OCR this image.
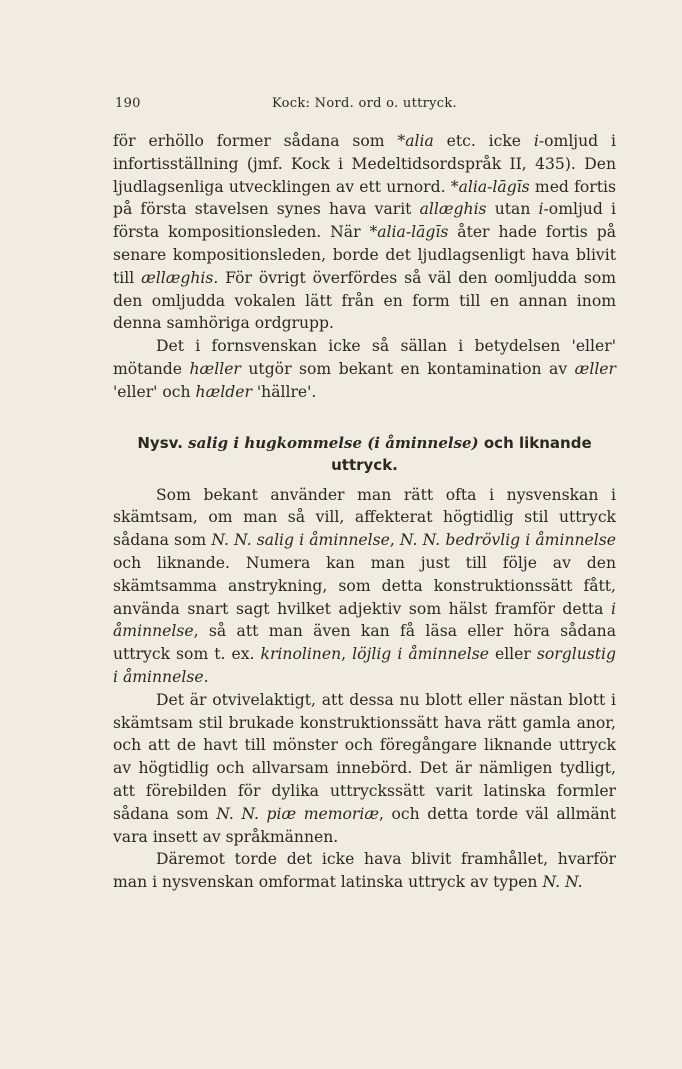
190	Kock: Nord. ord o. uttryck.

för erhöllo former sådana som *alia etc. icke i-omljud i infortisställning (jmf. Kock i Medeltidsordspråk II, 435). Den ljudlagsenliga utvecklingen av ett urnord. *alia-lāgīs med fortis på första stavelsen synes hava varit allæghis utan i-omljud i första kompositionsleden. När *alia-lāgīs åter hade fortis på senare kompositionsleden, borde det ljudlagsenligt hava blivit till ællæghis. För övrigt överfördes så väl den oomljudda som den omljudda vokalen lätt från en form till en annan inom denna samhöriga ordgrupp.

Det i fornsvenskan icke så sällan i betydelsen 'eller' mötande hæller utgör som bekant en kontamination av æller 'eller' och hælder 'hällre'.

Nysv. salig i hugkommelse (i åminnelse) och liknande uttryck.

Som bekant använder man rätt ofta i nysvenskan i skämtsam, om man så vill, affekterat högtidlig stil uttryck sådana som N. N. salig i åminnelse, N. N. bedrövlig i åminnelse och liknande. Numera kan man just till följe av den skämtsamma anstrykning, som detta konstruktionssätt fått, använda snart sagt hvilket adjektiv som hälst framför detta i åminnelse, så att man även kan få läsa eller höra sådana uttryck som t. ex. krinolinen, löjlig i åminnelse eller sorglustig i åminnelse.

Det är otvivelaktigt, att dessa nu blott eller nästan blott i skämtsam stil brukade konstruktionssätt hava rätt gamla anor, och att de havt till mönster och föregångare liknande uttryck av högtidlig och allvarsam innebörd. Det är nämligen tydligt, att förebilden för dylika uttryckssätt varit latinska formler sådana som N. N. piæ memoriæ, och detta torde väl allmänt vara insett av språkmännen.

Däremot torde det icke hava blivit framhållet, hvarför man i nysvenskan omformat latinska uttryck av typen N. N.
